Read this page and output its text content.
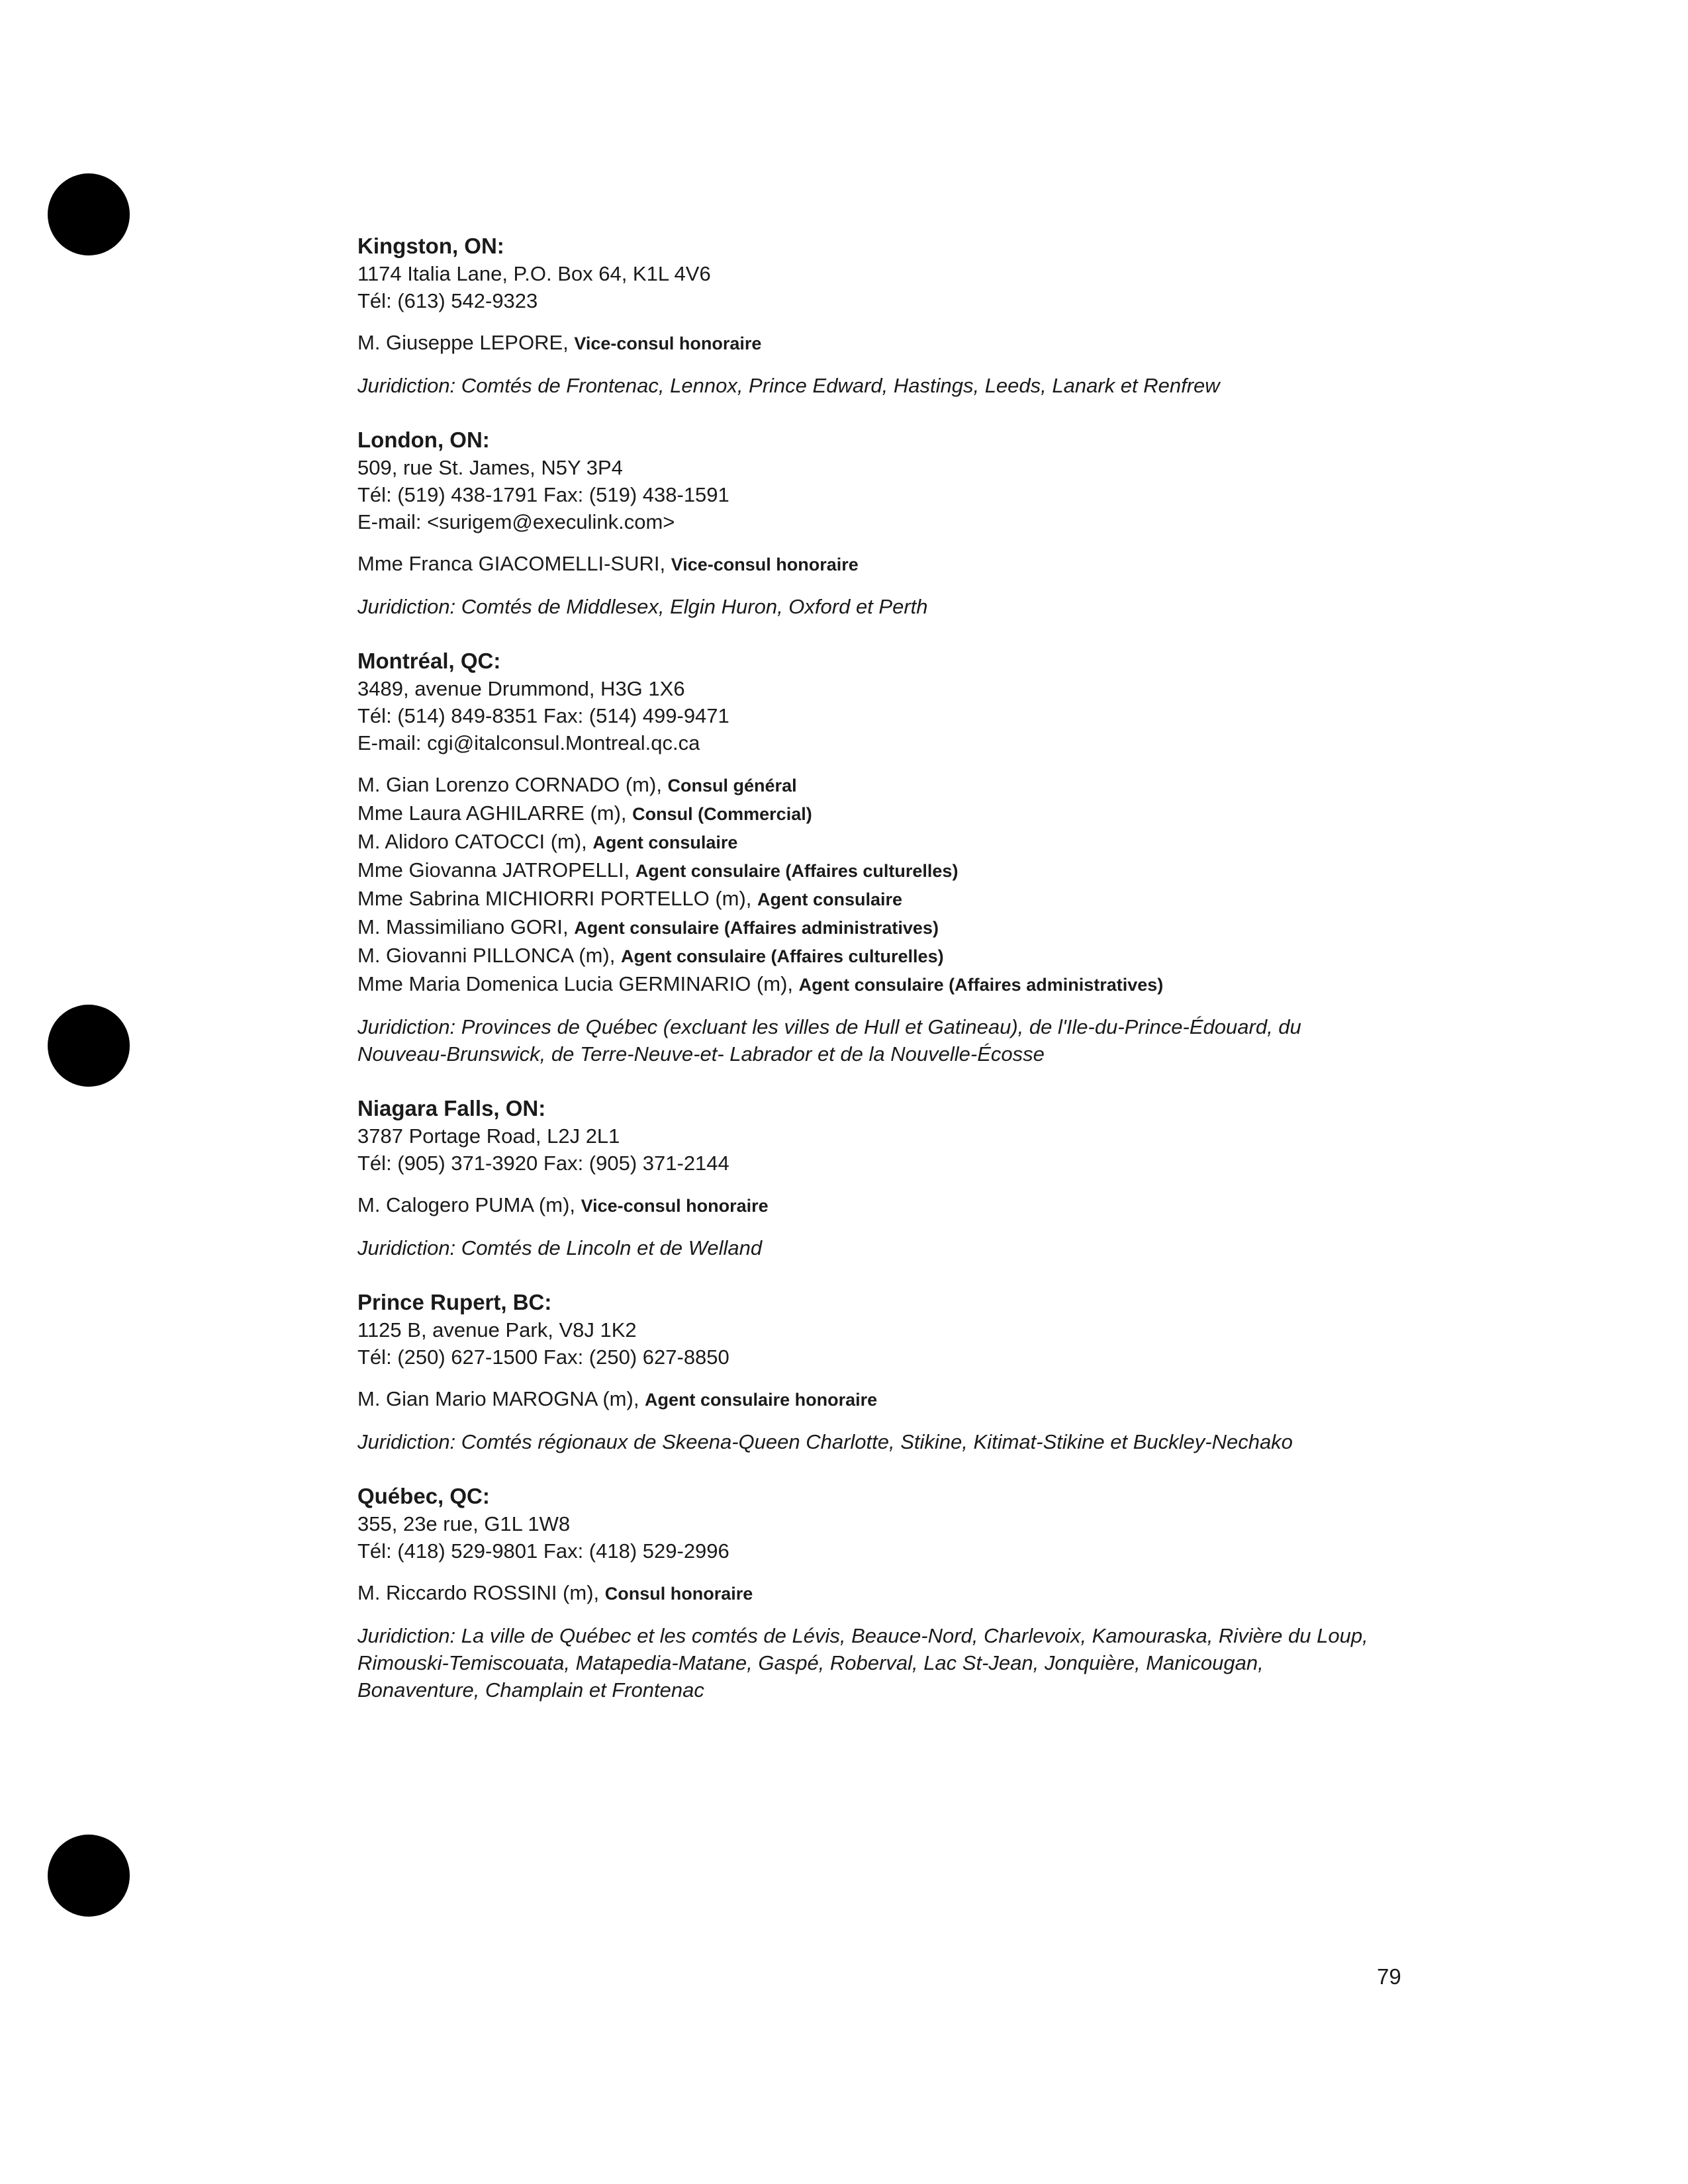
Kingston, ON:
1174 Italia Lane, P.O. Box 64, K1L 4V6
Tél: (613) 542-9323
M. Giuseppe LEPORE, Vice-consul honoraire
Juridiction: Comtés de Frontenac, Lennox, Prince Edward, Hastings, Leeds, Lanark et Renfrew
London, ON:
509, rue St. James, N5Y 3P4
Tél: (519) 438-1791 Fax: (519) 438-1591
E-mail: <surigem@execulink.com>
Mme Franca GIACOMELLI-SURI, Vice-consul honoraire
Juridiction: Comtés de Middlesex, Elgin Huron, Oxford et Perth
Montréal, QC:
3489, avenue Drummond, H3G 1X6
Tél: (514) 849-8351 Fax: (514) 499-9471
E-mail: cgi@italconsul.Montreal.qc.ca
M. Gian Lorenzo CORNADO (m), Consul général
Mme Laura AGHILARRE (m), Consul (Commercial)
M. Alidoro CATOCCI (m), Agent consulaire
Mme Giovanna JATROPELLI, Agent consulaire (Affaires culturelles)
Mme Sabrina MICHIORRI PORTELLO (m), Agent consulaire
M. Massimiliano GORI, Agent consulaire (Affaires administratives)
M. Giovanni PILLONCA (m), Agent consulaire (Affaires culturelles)
Mme Maria Domenica Lucia GERMINARIO (m), Agent consulaire (Affaires administratives)
Juridiction: Provinces de Québec (excluant les villes de Hull et Gatineau), de l'Ile-du-Prince-Édouard, du Nouveau-Brunswick, de Terre-Neuve-et- Labrador et de la Nouvelle-Écosse
Niagara Falls, ON:
3787 Portage Road, L2J 2L1
Tél: (905) 371-3920 Fax: (905) 371-2144
M. Calogero PUMA (m), Vice-consul honoraire
Juridiction: Comtés de Lincoln et de Welland
Prince Rupert, BC:
1125 B, avenue Park, V8J 1K2
Tél: (250) 627-1500 Fax: (250) 627-8850
M. Gian Mario MAROGNA (m), Agent consulaire honoraire
Juridiction: Comtés régionaux de Skeena-Queen Charlotte, Stikine, Kitimat-Stikine et Buckley-Nechako
Québec, QC:
355, 23e rue, G1L 1W8
Tél: (418) 529-9801 Fax: (418) 529-2996
M. Riccardo ROSSINI (m), Consul honoraire
Juridiction: La ville de Québec et les comtés de Lévis, Beauce-Nord, Charlevoix, Kamouraska, Rivière du Loup, Rimouski-Temiscouata, Matapedia-Matane, Gaspé, Roberval, Lac St-Jean, Jonquière, Manicougan, Bonaventure, Champlain et Frontenac
79
